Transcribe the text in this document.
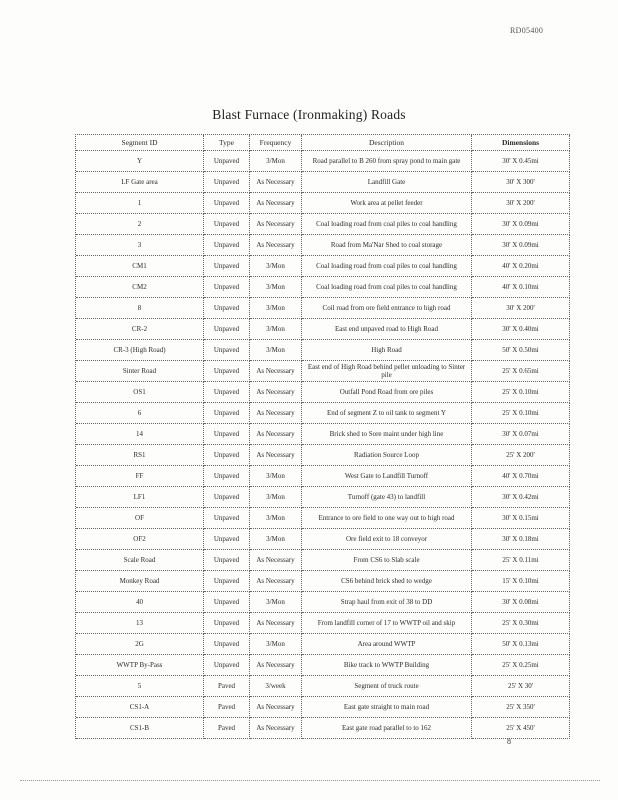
RD05400
Blast Furnace (Ironmaking) Roads
Segment ID	Type	Frequency	Description	Dimensions
Y	Unpaved	3/Mon	Road parallel to B 260 from spray pond to main gate	30' X 0.45mi
LF Gate area	Unpaved	As Necessary	Landfill Gate	30' X 300'
1	Unpaved	As Necessary	Work area at pellet feeder	30' X 200'
2	Unpaved	As Necessary	Coal loading road from coal piles to coal handling	30' X 0.09mi
3	Unpaved	As Necessary	Road from Ma'Nar Shed to coal storage	30' X 0.09mi
CM1	Unpaved	3/Mon	Coal loading road from coal piles to coal handling	40' X 0.20mi
CM2	Unpaved	3/Mon	Coal loading road from coal piles to coal handling	40' X 0.10mi
8	Unpaved	3/Mon	Coil road from ore field entrance to high road	30' X 200'
CR-2	Unpaved	3/Mon	East end unpaved road to High Road	30' X 0.40mi
CR-3 (High Road)	Unpaved	3/Mon	High Road	50' X 0.50mi
Sinter Road	Unpaved	As Necessary	East end of High Road behind pellet unloading to Sinter pile	25' X 0.65mi
OS1	Unpaved	As Necessary	Outfall Pond Road from ore piles	25' X 0.10mi
6	Unpaved	As Necessary	End of segment Z to oil tank to segment Y	25' X 0.10mi
14	Unpaved	As Necessary	Brick shed to Sore maint under high line	30' X 0.07mi
RS1	Unpaved	As Necessary	Radiation Source Loop	25' X 200'
FF	Unpaved	3/Mon	West Gate to Landfill Turnoff	40' X 0.70mi
LF1	Unpaved	3/Mon	Turnoff (gate 43) to landfill	30' X 0.42mi
OF	Unpaved	3/Mon	Entrance to ore field to one way out to high road	30' X 0.15mi
OF2	Unpaved	3/Mon	Ore field exit to 18 conveyor	30' X 0.18mi
Scale Road	Unpaved	As Necessary	From CS6 to Slab scale	25' X 0.11mi
Monkey Road	Unpaved	As Necessary	CS6 behind brick shed to wedge	15' X 0.10mi
40	Unpaved	3/Mon	Strap haul from exit of 38 to DD	30' X 0.08mi
13	Unpaved	As Necessary	From landfill corner of 17 to WWTP oil and skip	25' X 0.30mi
2G	Unpaved	3/Mon	Area around WWTP	50' X 0.13mi
WWTP By-Pass	Unpaved	As Necessary	Bike track to WWTP Building	25' X 0.25mi
5	Paved	3/week	Segment of truck route	25' X 30'
CS1-A	Paved	As Necessary	East gate straight to main road	25' X 350'
CS1-B	Paved	As Necessary	East gate road parallel to to 162	25' X 450'
8
